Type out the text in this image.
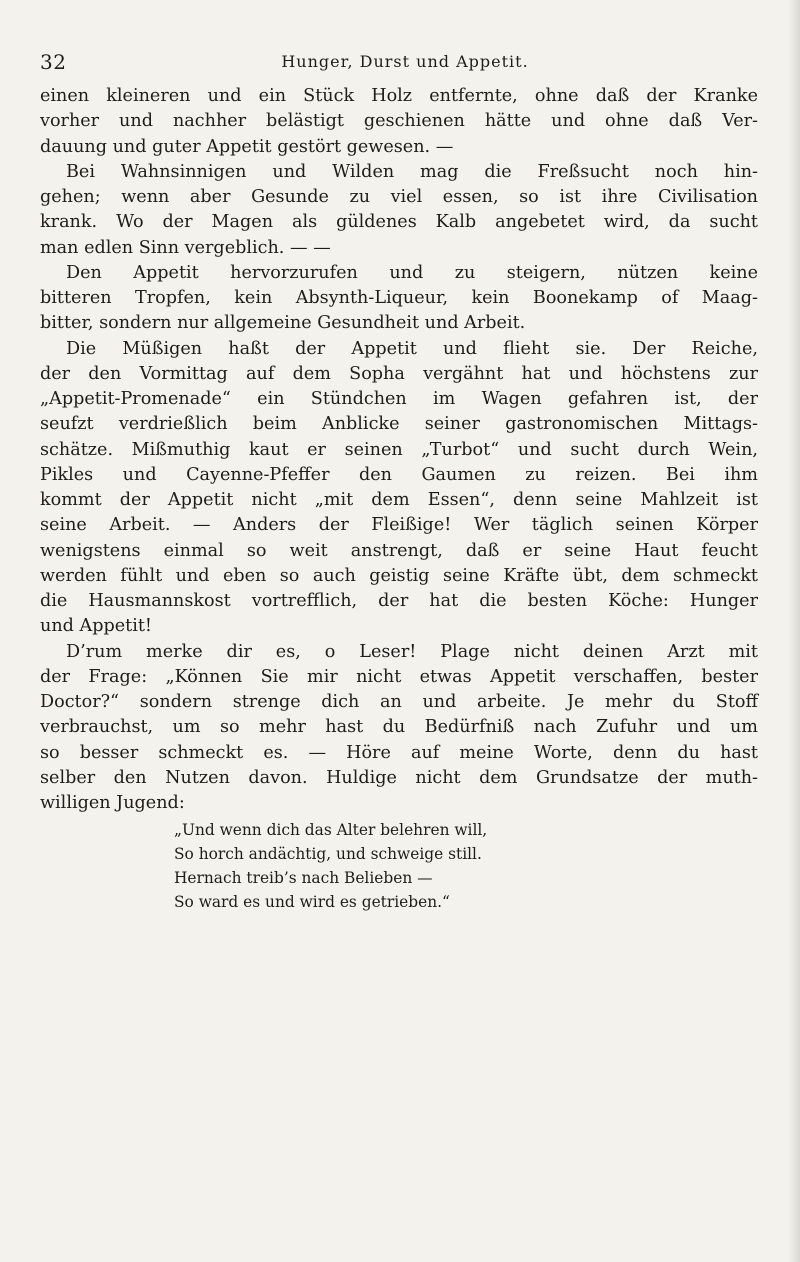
32	Hunger, Durst und Appetit.
einen kleineren und ein Stück Holz entfernte, ohne daß der Kranke
vorher und nachher belästigt geschienen hätte und ohne daß Ver-
dauung und guter Appetit gestört gewesen. —
Bei Wahnsinnigen und Wilden mag die Freßsucht noch hin-
gehen; wenn aber Gesunde zu viel essen, so ist ihre Civilisation
krank. Wo der Magen als güldenes Kalb angebetet wird, da sucht
man edlen Sinn vergeblich. — —
Den Appetit hervorzurufen und zu steigern, nützen keine
bitteren Tropfen, kein Absynth-Liqueur, kein Boonekamp of Maag-
bitter, sondern nur allgemeine Gesundheit und Arbeit.
Die Müßigen haßt der Appetit und flieht sie. Der Reiche,
der den Vormittag auf dem Sopha vergähnt hat und höchstens zur
„Appetit-Promenade“ ein Stündchen im Wagen gefahren ist, der
seufzt verdrießlich beim Anblicke seiner gastronomischen Mittags-
schätze. Mißmuthig kaut er seinen „Turbot“ und sucht durch Wein,
Pikles und Cayenne-Pfeffer den Gaumen zu reizen. Bei ihm
kommt der Appetit nicht „mit dem Essen“, denn seine Mahlzeit ist
seine Arbeit. — Anders der Fleißige! Wer täglich seinen Körper
wenigstens einmal so weit anstrengt, daß er seine Haut feucht
werden fühlt und eben so auch geistig seine Kräfte übt, dem schmeckt
die Hausmannskost vortrefflich, der hat die besten Köche: Hunger
und Appetit!
D’rum merke dir es, o Leser! Plage nicht deinen Arzt mit
der Frage: „Können Sie mir nicht etwas Appetit verschaffen, bester
Doctor?“ sondern strenge dich an und arbeite. Je mehr du Stoff
verbrauchst, um so mehr hast du Bedürfniß nach Zufuhr und um
so besser schmeckt es. — Höre auf meine Worte, denn du hast
selber den Nutzen davon. Huldige nicht dem Grundsatze der muth-
willigen Jugend:
„Und wenn dich das Alter belehren will,
So horch andächtig, und schweige still.
Hernach treib’s nach Belieben —
So ward es und wird es getrieben.“
